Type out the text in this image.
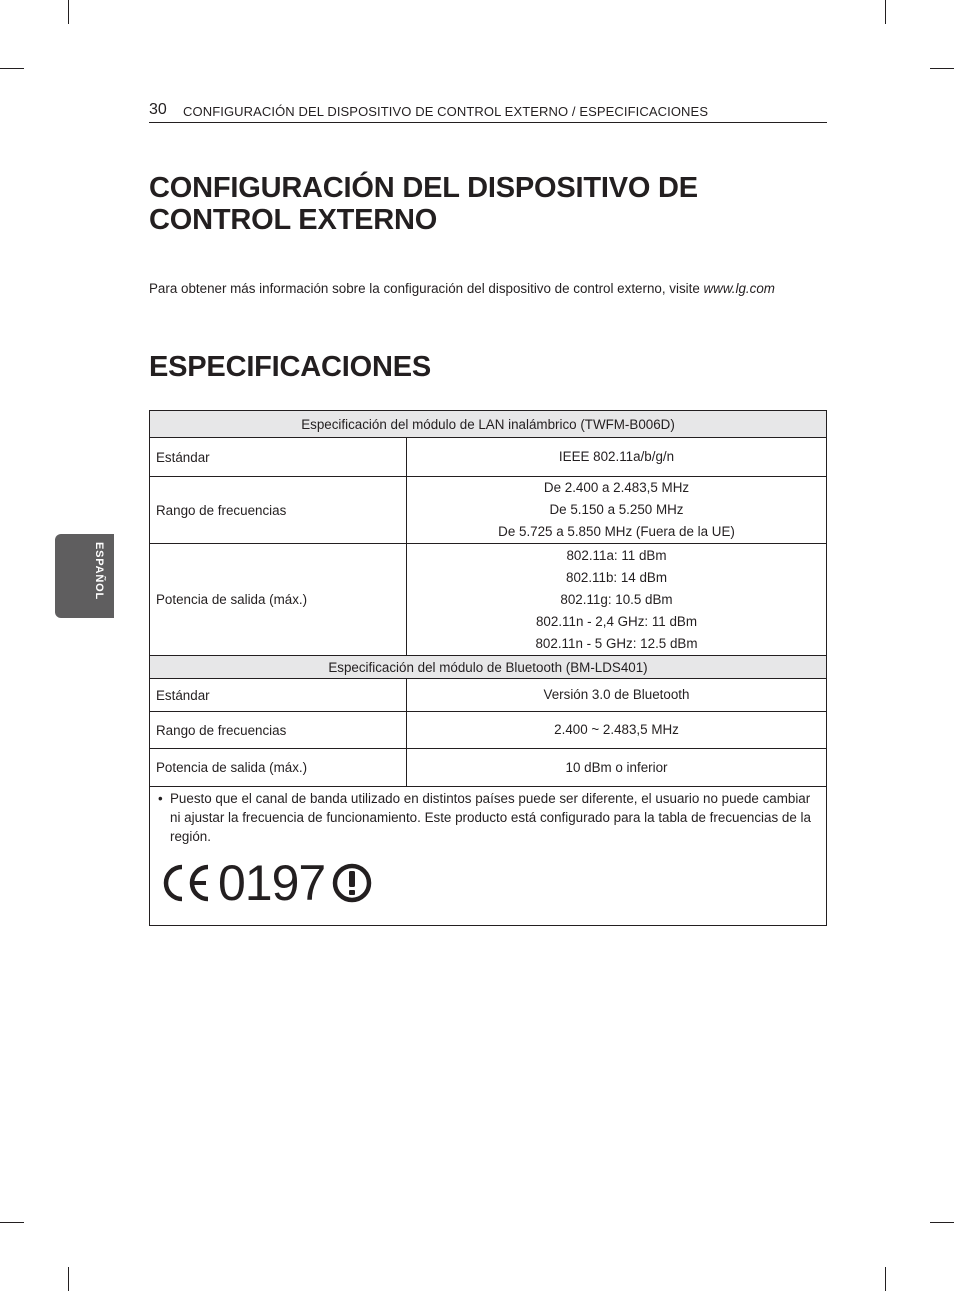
30 CONFIGURACIÓN DEL DISPOSITIVO DE CONTROL EXTERNO / ESPECIFICACIONES
CONFIGURACIÓN DEL DISPOSITIVO DE
CONTROL EXTERNO
Para obtener más información sobre la configuración del dispositivo de control externo, visite www.lg.com
ESPECIFICACIONES
ESPAÑOL
Especificación del módulo de LAN inalámbrico (TWFM-B006D)	
Estándar	IEEE 802.11a/b/g/n

Rango de frecuencias	De 2.400 a 2.483,5 MHz
De 5.150 a 5.250 MHz
De 5.725 a 5.850 MHz (Fuera de la UE)

Potencia de salida (máx.)	802.11a: 11 dBm
802.11b: 14 dBm
802.11g: 10.5 dBm
802.11n - 2,4 GHz: 11 dBm
802.11n - 5 GHz: 12.5 dBm

Especificación del módulo de Bluetooth (BM-LDS401)	
Estándar	Versión 3.0 de Bluetooth

Rango de frecuencias	2.400 ~ 2.483,5 MHz

Potencia de salida (máx.)	10 dBm o inferior

• Puesto que el canal de banda utilizado en distintos países puede ser diferente, el usuario no puede cambiar ni ajustar la frecuencia de funcionamiento. Este producto está configurado para la tabla de frecuencias de la región.
0197	
